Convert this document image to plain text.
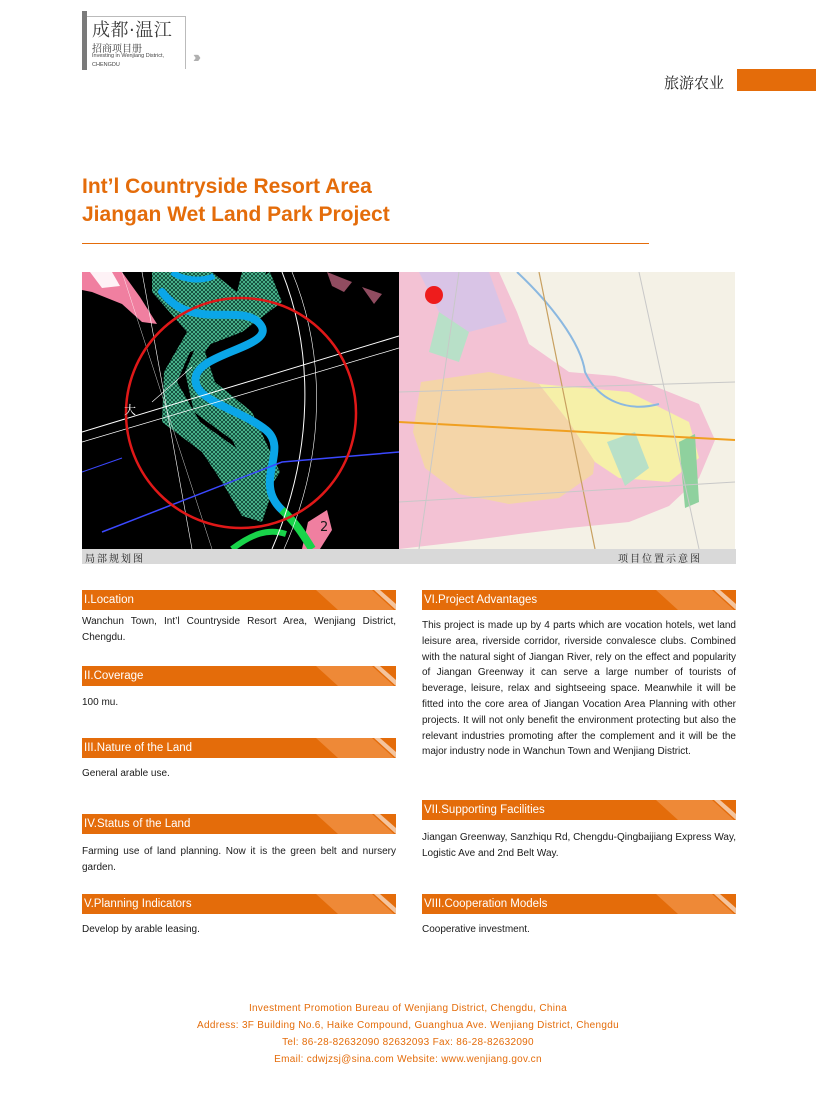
成都·温江
招商项目册
Investing in Wenjiang District,
CHENGDU	›››
旅游农业
Int’l Countryside Resort Area
Jiangan Wet Land Park Project
大
2
局部规划图	项目位置示意图
I.Location
Wanchun Town, Int’l Countryside Resort Area, Wenjiang District, Chengdu.
II.Coverage
100 mu.
III.Nature of the Land
General arable use.
IV.Status of the Land
Farming use of land planning. Now it is the green belt and nursery garden.
V.Planning Indicators
Develop by arable leasing.
VI.Project Advantages
This project is made up by 4 parts which are vocation hotels, wet land leisure area, riverside corridor, riverside convalesce clubs. Combined with the natural sight of Jiangan River, rely on the effect and popularity of Jiangan Greenway it can serve a large number of tourists of beverage, leisure, relax and sightseeing space. Meanwhile it will be fitted into the core area of Jiangan Vocation Area Planning with other projects. It will not only benefit the environment protecting but also the relevant industries promoting after the complement and it will be the major industry node in Wanchun Town and Wenjiang District.
VII.Supporting Facilities
Jiangan Greenway, Sanzhiqu Rd, Chengdu-Qingbaijiang Express Way, Logistic Ave and 2nd Belt Way.
VIII.Cooperation Models
Cooperative investment.
Investment Promotion Bureau of Wenjiang District, Chengdu, China
Address: 3F Building No.6, Haike Compound, Guanghua Ave. Wenjiang District, Chengdu
Tel: 86-28-82632090 82632093 Fax: 86-28-82632090
Email: cdwjzsj@sina.com Website: www.wenjiang.gov.cn
